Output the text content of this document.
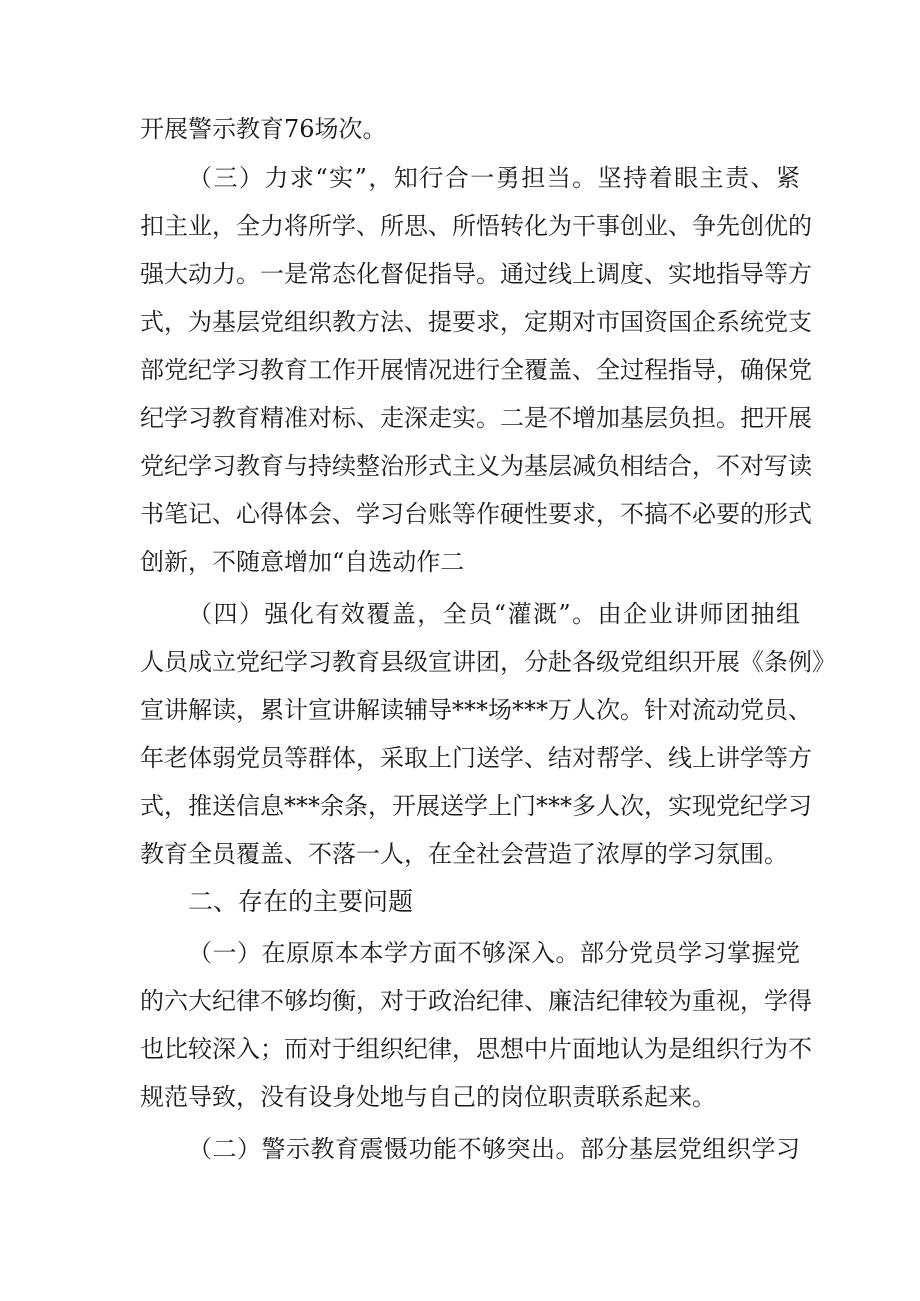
开展警示教育76场次。
（三）力求“实”，知行合一勇担当。坚持着眼主责、紧
扣主业，全力将所学、所思、所悟转化为干事创业、争先创优的
强大动力。一是常态化督促指导。通过线上调度、实地指导等方
式，为基层党组织教方法、提要求，定期对市国资国企系统党支
部党纪学习教育工作开展情况进行全覆盖、全过程指导，确保党
纪学习教育精准对标、走深走实。二是不增加基层负担。把开展
党纪学习教育与持续整治形式主义为基层减负相结合，不对写读
书笔记、心得体会、学习台账等作硬性要求，不搞不必要的形式
创新，不随意增加“自选动作二
（四）强化有效覆盖，全员“灌溉”。由企业讲师团抽组
人员成立党纪学习教育县级宣讲团，分赴各级党组织开展《条例》
宣讲解读，累计宣讲解读辅导***场***万人次。针对流动党员、
年老体弱党员等群体，采取上门送学、结对帮学、线上讲学等方
式，推送信息***余条，开展送学上门***多人次，实现党纪学习
教育全员覆盖、不落一人，在全社会营造了浓厚的学习氛围。
二、存在的主要问题
（一）在原原本本学方面不够深入。部分党员学习掌握党
的六大纪律不够均衡，对于政治纪律、廉洁纪律较为重视，学得
也比较深入；而对于组织纪律，思想中片面地认为是组织行为不
规范导致，没有设身处地与自己的岗位职责联系起来。
（二）警示教育震慑功能不够突出。部分基层党组织学习
